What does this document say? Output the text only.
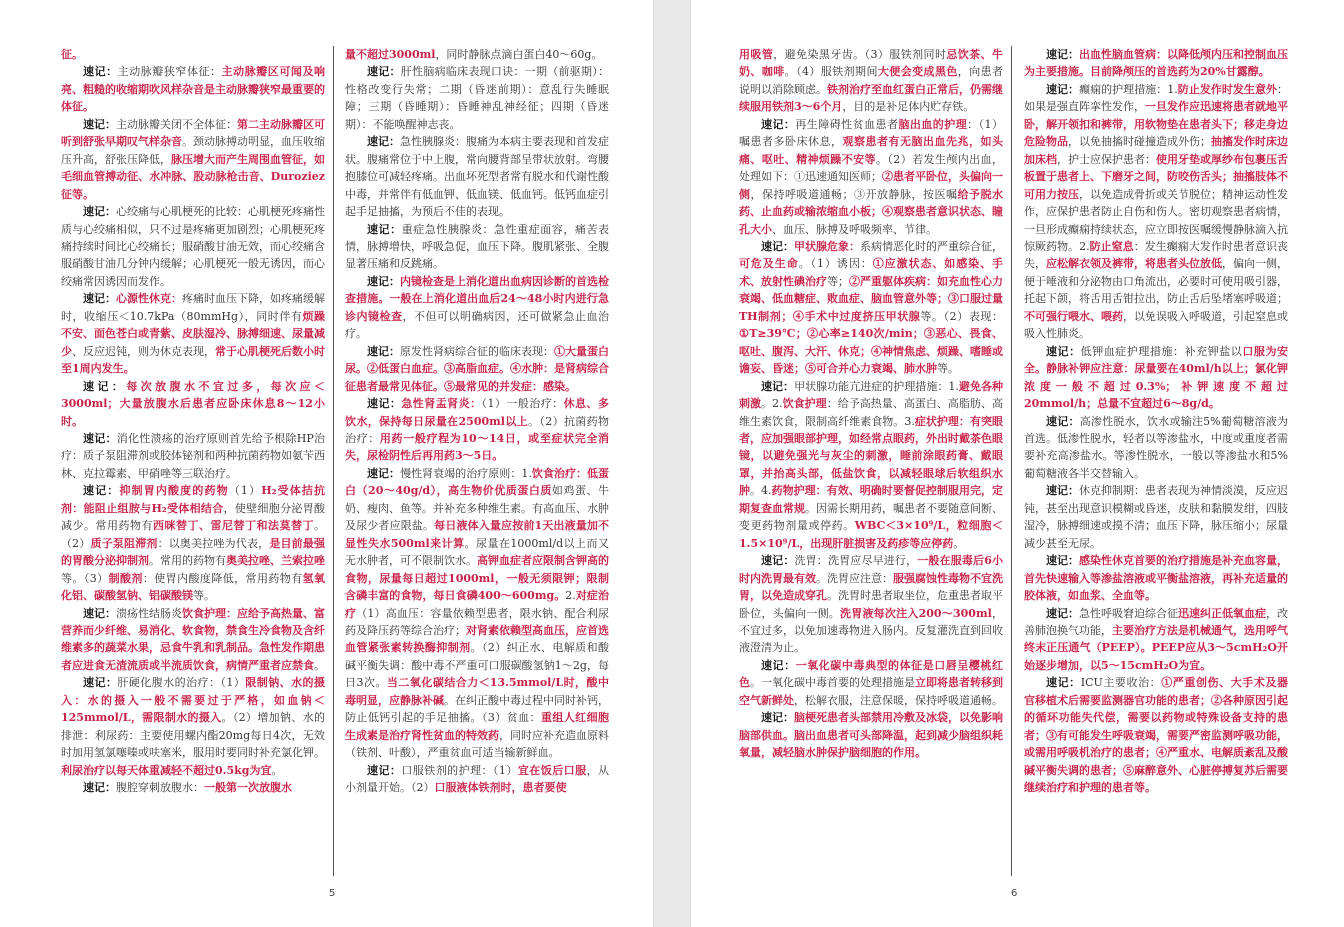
征。

速记：主动脉瓣狭窄体征：主动脉瓣区可闻及响亮、粗糙的收缩期吹风样杂音是主动脉瓣狭窄最重要的体征。

速记：主动脉瓣关闭不全体征：第二主动脉瓣区可听到舒张早期叹气样杂音。颈动脉搏动明显，血压收缩压升高，舒张压降低，脉压增大而产生周围血管征，如毛细血管搏动征、水冲脉、股动脉枪击音、Duroziez征等。

速记：心绞痛与心肌梗死的比较：心肌梗死疼痛性质与心绞痛相似，只不过是疼痛更加剧烈；心肌梗死疼痛持续时间比心绞痛长；服硝酸甘油无效，而心绞痛含服硝酸甘油几分钟内缓解；心肌梗死一般无诱因，而心绞痛常因诱因而发作。

速记：心源性休克：疼痛时血压下降，如疼痛缓解时，收缩压＜10.7kPa（80mmHg），同时伴有烦躁不安、面色苍白或青紫、皮肤湿冷、脉搏细速、尿量减少、反应迟钝，则为休克表现，常于心肌梗死后数小时至1周内发生。

速记：每次放腹水不宜过多，每次应＜3000ml；大量放腹水后患者应卧床休息8～12小时。

速记：消化性溃疡的治疗原则首先给予根除HP治疗：质子泵阻滞剂或胶体铋剂和两种抗菌药物如氨苄西林、克拉霉素、甲硝唑等三联治疗。

速记：抑制胃内酸度的药物（1）H₂受体拮抗剂：能阻止组胺与H₂受体相结合，使壁细胞分泌胃酸减少。常用药物有西咪替丁、雷尼替丁和法莫替丁。（2）质子泵阻滞剂：以奥美拉唑为代表，是目前最强的胃酸分泌抑制剂。常用的药物有奥美拉唑、兰索拉唑等。（3）制酸剂：使胃内酸度降低，常用药物有氢氧化铝、碳酸氢钠、铝碳酸镁等。

速记：溃疡性结肠炎饮食护理：应给予高热量、富营养而少纤维、易消化、软食物，禁食生冷食物及含纤维素多的蔬菜水果，忌食牛乳和乳制品。急性发作期患者应进食无渣流质或半流质饮食，病情严重者应禁食。

速记：肝硬化腹水的治疗：（1）限制钠、水的摄入：水的摄入一般不需要过于严格，如血钠＜125mmol/L，需限制水的摄入。（2）增加钠、水的排泄：利尿药：主要使用螺内酯20mg每日4次，无效时加用氢氯噻嗪或呋塞米，服用时要同时补充氯化钾。利尿治疗以每天体重减轻不超过0.5kg为宜。

速记：腹腔穿刺放腹水：一般第一次放腹水

量不超过3000ml，同时静脉点滴白蛋白40～60g。

速记：肝性脑病临床表现口诀：一期（前驱期）：性格改变行失常；二期（昏迷前期）：意乱行失睡眠障；三期（昏睡期）：昏睡神乱神经征；四期（昏迷期）：不能唤醒神志丧。

速记：急性胰腺炎：腹痛为本病主要表现和首发症状。腹痛常位于中上腹，常向腰背部呈带状放射。弯腰抱膝位可减轻疼痛。出血坏死型者常有脱水和代谢性酸中毒，并常伴有低血钾、低血镁、低血钙。低钙血症引起手足抽搐，为预后不佳的表现。

速记：重症急性胰腺炎：急性重症面容，痛苦表情，脉搏增快，呼吸急促，血压下降。腹肌紧张、全腹显著压痛和反跳痛。

速记：内镜检查是上消化道出血病因诊断的首选检查措施。一般在上消化道出血后24～48小时内进行急诊内镜检查，不但可以明确病因，还可做紧急止血治疗。

速记：原发性肾病综合征的临床表现：①大量蛋白尿。②低蛋白血症。③高脂血症。④水肿：是肾病综合征患者最常见体征。⑤最常见的并发症：感染。

速记：急性肾盂肾炎：（1）一般治疗：休息、多饮水，保持每日尿量在2500ml以上。（2）抗菌药物治疗：用药一般疗程为10～14日，或至症状完全消失，尿检阴性后再用药3～5日。

速记：慢性肾衰竭的治疗原则：1.饮食治疗：低蛋白（20～40g/d），高生物价优质蛋白质如鸡蛋、牛奶、瘦肉、鱼等。并补充多种维生素。有高血压、水肿及尿少者应限盐。每日液体入量应按前1天出液量加不显性失水500ml来计算。尿量在1000ml/d以上而又无水肿者，可不限制饮水。高钾血症者应限制含钾高的食物，尿量每日超过1000ml，一般无须限钾；限制含磷丰富的食物，每日食磷400～600mg。2.对症治疗（1）高血压：容量依赖型患者，限水钠、配合利尿药及降压药等综合治疗；对肾素依赖型高血压，应首选血管紧张素转换酶抑制剂。（2）纠正水、电解质和酸碱平衡失调：酸中毒不严重可口服碳酸氢钠1～2g，每日3次。当二氧化碳结合力＜13.5mmol/L时，酸中毒明显，应静脉补碱。在纠正酸中毒过程中同时补钙，防止低钙引起的手足抽搐。（3）贫血：重组人红细胞生成素是治疗肾性贫血的特效药，同时应补充造血原料（铁剂、叶酸），严重贫血可适当输新鲜血。

速记：口服铁剂的护理：（1）宜在饭后口服，从小剂量开始。（2）口服液体铁剂时，患者要使

5

用吸管，避免染黑牙齿。（3）服铁剂同时忌饮茶、牛奶、咖啡。（4）服铁剂期间大便会变成黑色，向患者说明以消除顾虑。铁剂治疗至血红蛋白正常后，仍需继续服用铁剂3～6个月，目的是补足体内贮存铁。

速记：再生障碍性贫血患者脑出血的护理：（1）嘱患者多卧床休息，观察患者有无脑出血先兆，如头痛、呕吐、精神烦躁不安等。（2）若发生颅内出血，处理如下：①迅速通知医师；②患者平卧位，头偏向一侧，保持呼吸道通畅；③开放静脉，按医嘱给予脱水药、止血药或输浓缩血小板；④观察患者意识状态、瞳孔大小、血压、脉搏及呼吸频率、节律。

速记：甲状腺危象：系病情恶化时的严重综合征，可危及生命。（1）诱因：①应激状态、如感染、手术、放射性碘治疗等；②严重躯体疾病：如充血性心力衰竭、低血糖症、败血症、脑血管意外等；③口服过量TH制剂；④手术中过度挤压甲状腺等。（2）表现：①T≥39℃；②心率≥140次/min；③恶心、畏食、呕吐、腹泻、大汗、休克；④神情焦虑、烦躁、嗜睡或谵妄、昏迷；⑤可合并心力衰竭、肺水肿等。

速记：甲状腺功能亢进症的护理措施：1.避免各种刺激。2.饮食护理：给予高热量、高蛋白、高脂肪、高维生素饮食，限制高纤维素食物。3.症状护理：有突眼者，应加强眼部护理，如经常点眼药，外出时戴茶色眼镜，以避免强光与灰尘的刺激，睡前涂眼药膏、戴眼罩，并抬高头部，低盐饮食，以减轻眼球后软组织水肿。4.药物护理：有效、明确时要督促控制服用完，定期复查血常规。因需长期用药，嘱患者不要随意间断、变更药物剂量或停药。WBC＜3×10⁹/L，粒细胞＜1.5×10⁹/L，出现肝脏损害及药疹等应停药。

速记：洗胃：洗胃应尽早进行，一般在服毒后6小时内洗胃最有效。洗胃应注意：服强腐蚀性毒物不宜洗胃，以免造成穿孔。洗胃时患者取坐位，危重患者取平卧位，头偏向一侧。洗胃液每次注入200～300ml，不宜过多，以免加速毒物进入肠内。反复灌洗直到回收液澄清为止。

速记：一氧化碳中毒典型的体征是口唇呈樱桃红色。一氧化碳中毒首要的处理措施是立即将患者转移到空气新鲜处，松解衣服，注意保暖，保持呼吸道通畅。

速记：脑梗死患者头部禁用冷敷及冰袋，以免影响脑部供血。脑出血患者可头部降温，起到减少脑组织耗氧量，减轻脑水肿保护脑细胞的作用。

速记：出血性脑血管病：以降低颅内压和控制血压为主要措施。目前降颅压的首选药为20%甘露醇。

速记：癫痫的护理措施：1.防止发作时发生意外：如果是强直阵挛性发作，一旦发作应迅速将患者就地平卧，解开领扣和裤带，用软物垫在患者头下；移走身边危险物品，以免抽搐时碰撞造成外伤；抽搐发作时床边加床档，护士应保护患者：使用牙垫或厚纱布包裹压舌板置于患者上、下磨牙之间，防咬伤舌头；抽搐肢体不可用力按压，以免造成骨折或关节脱位；精神运动性发作，应保护患者防止自伤和伤人。密切观察患者病情，一旦形成癫痫持续状态，应立即按医嘱缓慢静脉滴入抗惊厥药物。2.防止窒息：发生癫痫大发作时患者意识丧失，应松解衣领及裤带，将患者头位放低，偏向一侧，便于唾液和分泌物由口角流出，必要时可使用吸引器，托起下颌，将舌用舌钳拉出，防止舌后坠堵塞呼吸道；不可强行喂水、喂药，以免误吸入呼吸道，引起窒息或吸入性肺炎。

速记：低钾血症护理措施：补充钾盐以口服为安全。静脉补钾应注意：尿量要在40ml/h以上；氯化钾浓度一般不超过0.3%；补钾速度不超过20mmol/h；总量不宜超过6～8g/d。

速记：高渗性脱水，饮水或输注5%葡萄糖溶液为首选。低渗性脱水，轻者以等渗盐水，中度或重度者需要补充高渗盐水。等渗性脱水，一般以等渗盐水和5%葡萄糖液各半交替输入。

速记：休克抑制期：患者表现为神情淡漠，反应迟钝，甚至出现意识模糊或昏迷，皮肤和黏膜发绀，四肢湿冷，脉搏细速或摸不清；血压下降，脉压缩小；尿量减少甚至无尿。

速记：感染性休克首要的治疗措施是补充血容量，首先快速输入等渗盐溶液或平衡盐溶液，再补充适量的胶体液，如血浆、全血等。

速记：急性呼吸窘迫综合征迅速纠正低氧血症，改善肺泡换气功能，主要治疗方法是机械通气，选用呼气终末正压通气（PEEP）。PEEP应从3～5cmH₂O开始逐步增加，以5～15cmH₂O为宜。

速记：ICU主要收治：①严重创伤、大手术及器官移植术后需要监测器官功能的患者；②各种原因引起的循环功能失代偿，需要以药物或特殊设备支持的患者；③有可能发生呼吸衰竭，需要严密监测呼吸功能，或需用呼吸机治疗的患者；④严重水、电解质紊乱及酸碱平衡失调的患者；⑤麻醉意外、心脏停搏复苏后需要继续治疗和护理的患者等。

6
